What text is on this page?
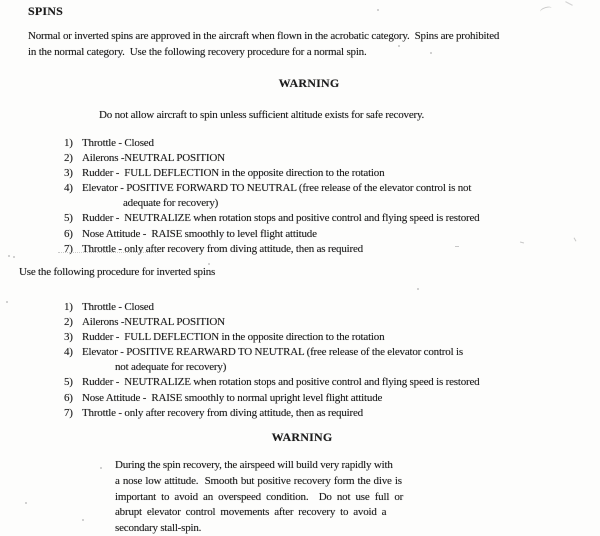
SPINS
Normal or inverted spins are approved in the aircraft when flown in the acrobatic category.  Spins are prohibited
in the normal category.  Use the following recovery procedure for a normal spin.
WARNING
Do not allow aircraft to spin unless sufficient altitude exists for safe recovery.
1) Throttle - Closed
2) Ailerons -NEUTRAL POSITION
3) Rudder -  FULL DEFLECTION in the opposite direction to the rotation
4) Elevator - POSITIVE FORWARD TO NEUTRAL (free release of the elevator control is not
adequate for recovery)
5) Rudder -  NEUTRALIZE when rotation stops and positive control and flying speed is restored
6) Nose Attitude -  RAISE smoothly to level flight attitude
7) Throttle - only after recovery from diving attitude, then as required
Use the following procedure for inverted spins
1) Throttle - Closed
2) Ailerons -NEUTRAL POSITION
3) Rudder -  FULL DEFLECTION in the opposite direction to the rotation
4) Elevator - POSITIVE REARWARD TO NEUTRAL (free release of the elevator control is
not adequate for recovery)
5) Rudder -  NEUTRALIZE when rotation stops and positive control and flying speed is restored
6) Nose Attitude -  RAISE smoothly to normal upright level flight attitude
7) Throttle - only after recovery from diving attitude, then as required
WARNING
During the spin recovery, the airspeed will build very rapidly with
a nose low attitude.  Smooth but positive recovery form the dive is
important to avoid an overspeed condition.  Do not use full or
abrupt elevator control movements after recovery to avoid a
secondary stall-spin.
